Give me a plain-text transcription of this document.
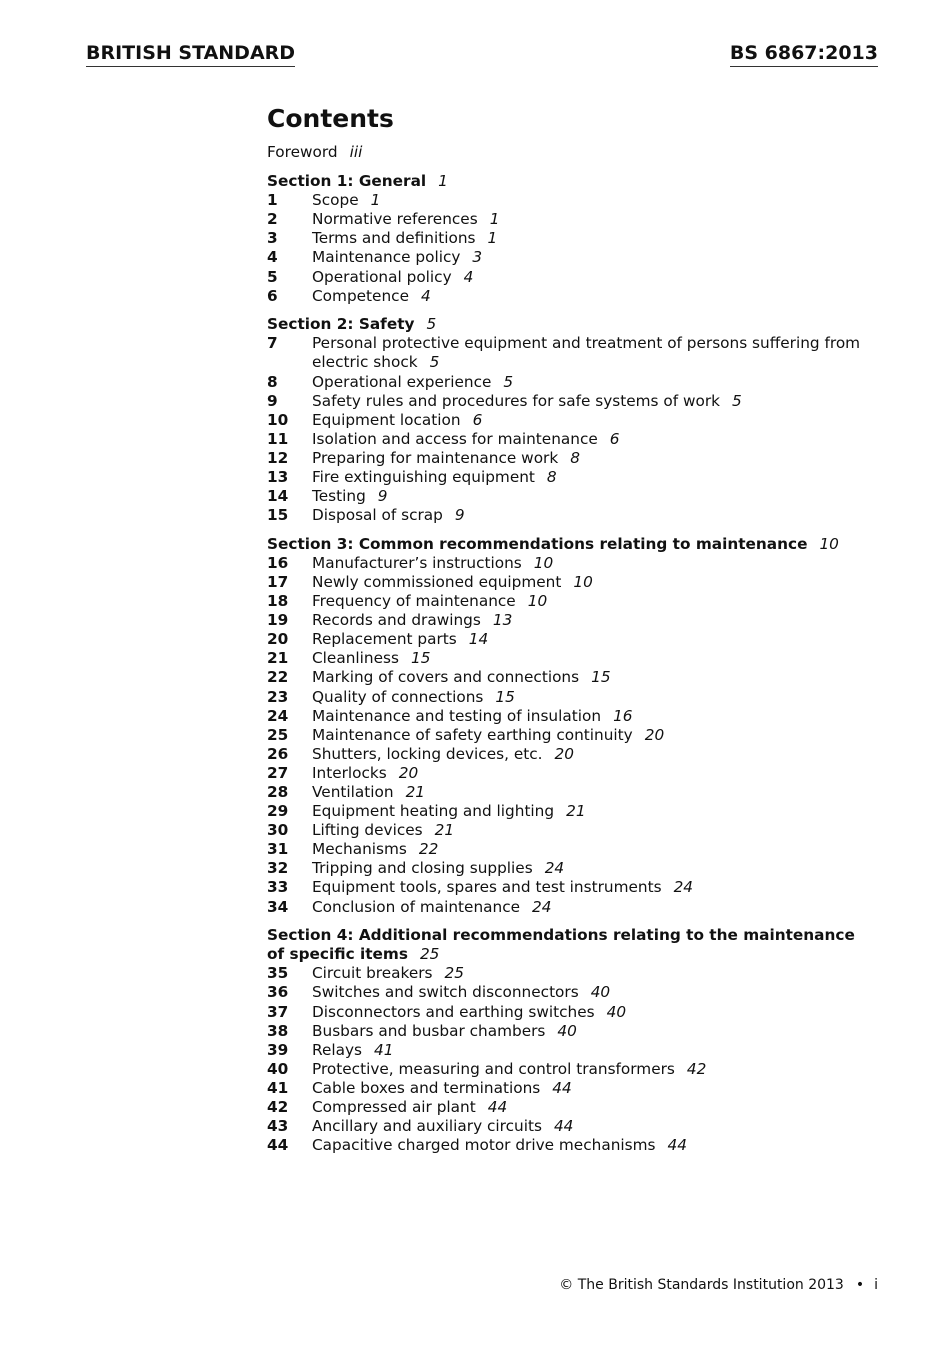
BRITISH STANDARD	BS 6867:2013
Contents
Foreword iii
Section 1: General 1
1	Scope 1
2	Normative references 1
3	Terms and definitions 1
4	Maintenance policy 3
5	Operational policy 4
6	Competence 4
Section 2: Safety 5
7	Personal protective equipment and treatment of persons suffering from electric shock 5
8	Operational experience 5
9	Safety rules and procedures for safe systems of work 5
10	Equipment location 6
11	Isolation and access for maintenance 6
12	Preparing for maintenance work 8
13	Fire extinguishing equipment 8
14	Testing 9
15	Disposal of scrap 9
Section 3: Common recommendations relating to maintenance 10
16	Manufacturer’s instructions 10
17	Newly commissioned equipment 10
18	Frequency of maintenance 10
19	Records and drawings 13
20	Replacement parts 14
21	Cleanliness 15
22	Marking of covers and connections 15
23	Quality of connections 15
24	Maintenance and testing of insulation 16
25	Maintenance of safety earthing continuity 20
26	Shutters, locking devices, etc. 20
27	Interlocks 20
28	Ventilation 21
29	Equipment heating and lighting 21
30	Lifting devices 21
31	Mechanisms 22
32	Tripping and closing supplies 24
33	Equipment tools, spares and test instruments 24
34	Conclusion of maintenance 24
Section 4: Additional recommendations relating to the maintenance of specific items 25
35	Circuit breakers 25
36	Switches and switch disconnectors 40
37	Disconnectors and earthing switches 40
38	Busbars and busbar chambers 40
39	Relays 41
40	Protective, measuring and control transformers 42
41	Cable boxes and terminations 44
42	Compressed air plant 44
43	Ancillary and auxiliary circuits 44
44	Capacitive charged motor drive mechanisms 44
© The British Standards Institution 2013 • i
